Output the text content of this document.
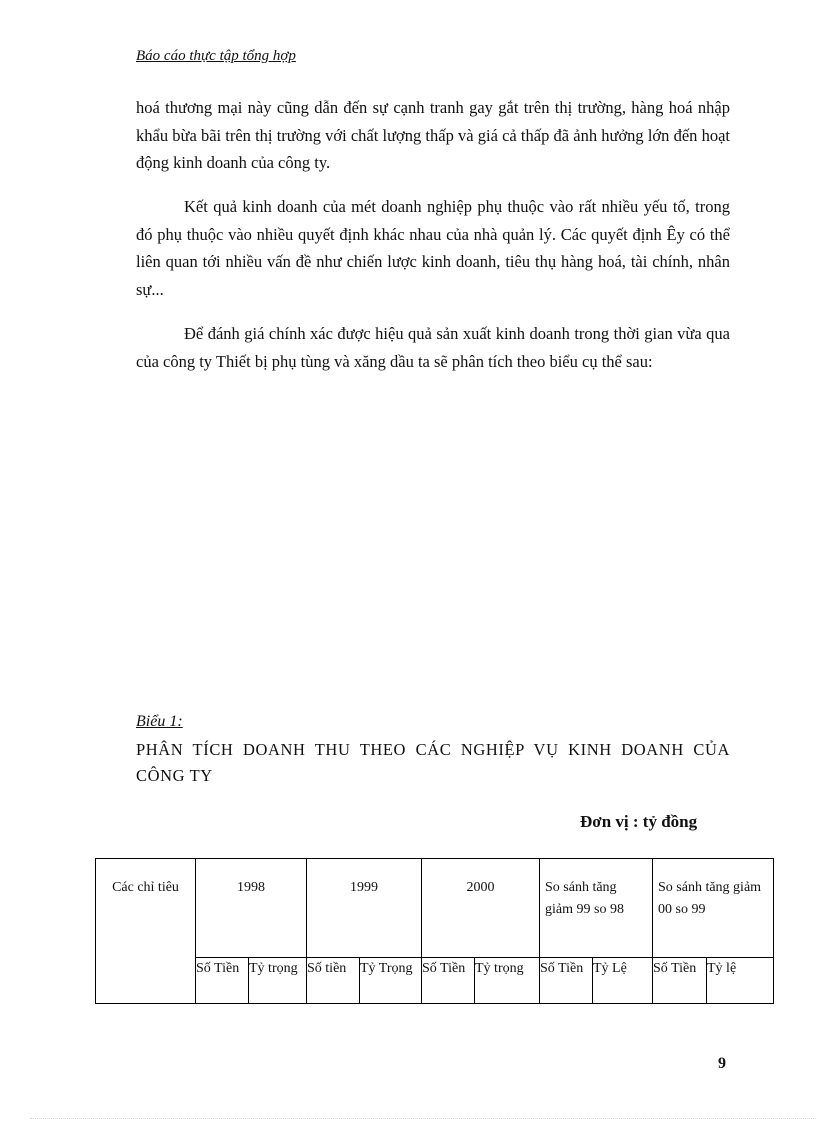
Báo cáo thực tập tổng hợp

hoá thương mại này cũng dẫn đến sự cạnh tranh gay gắt trên thị trường, hàng hoá nhập khẩu bừa bãi trên thị trường với chất lượng thấp và giá cả thấp đã ảnh hưởng lớn đến hoạt động kinh doanh của công ty.

Kết quả kinh doanh của mét doanh nghiệp phụ thuộc vào rất nhiều yếu tố, trong đó phụ thuộc vào nhiều quyết định khác nhau của nhà quản lý. Các quyết định Êy có thể liên quan tới nhiều vấn đề như chiến lược kinh doanh, tiêu thụ hàng hoá, tài chính, nhân sự...

Để đánh giá chính xác được hiệu quả sản xuất kinh doanh trong thời gian vừa qua của công ty Thiết bị phụ tùng và xăng dầu ta sẽ phân tích theo biểu cụ thể sau:

Biểu 1:

PHÂN TÍCH DOANH THU THEO CÁC NGHIỆP VỤ KINH DOANH CỦA CÔNG TY

Đơn vị : tỷ đồng
Các chỉ tiêu	1998		1999		2000		So sánh tăng giảm 99 so 98		So sánh tăng giảm 00 so 99	
	Số Tiền	Tỷ trọng	Số tiền	Tỷ Trọng	Số Tiền	Tỷ trọng	Số Tiền	Tỷ Lệ	Số Tiền	Tỷ lệ
9
